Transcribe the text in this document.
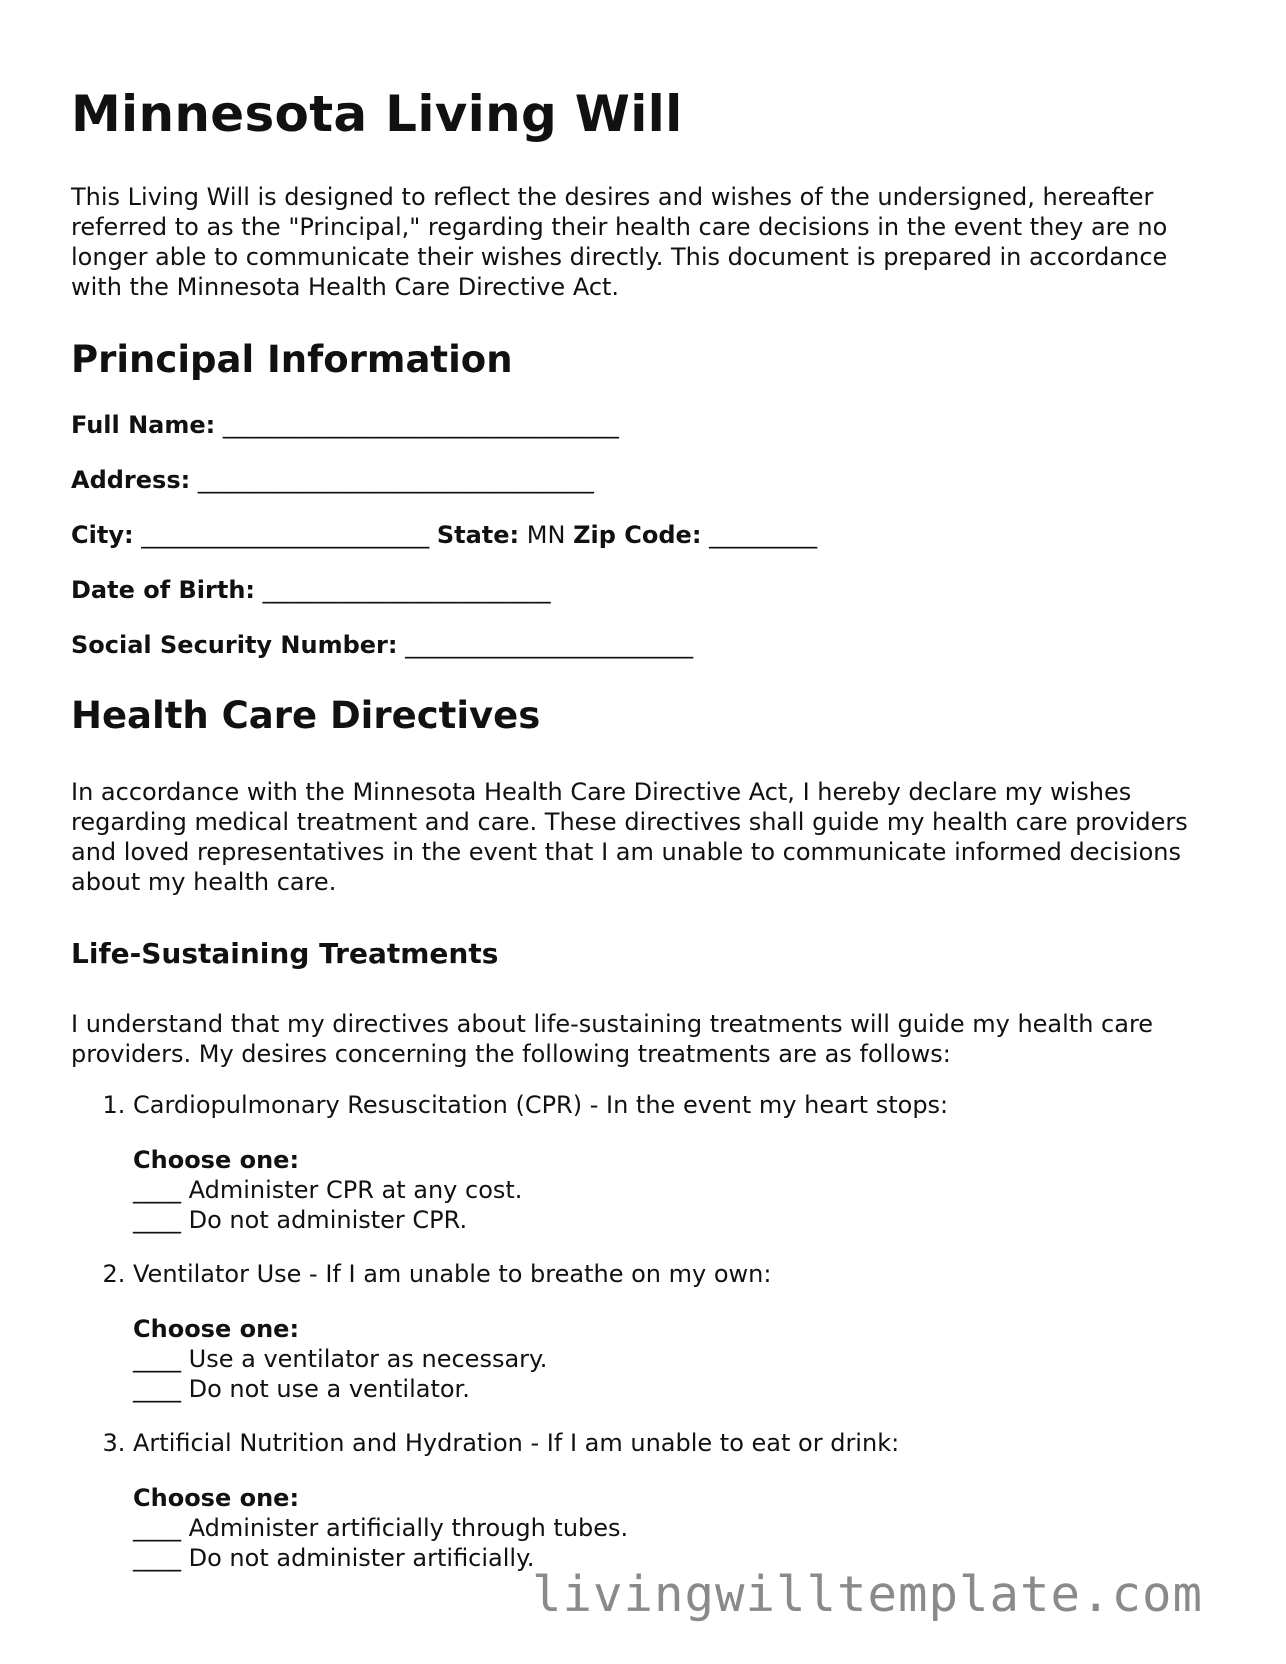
Minnesota Living Will

This Living Will is designed to reflect the desires and wishes of the undersigned, hereafter referred to as the "Principal," regarding their health care decisions in the event they are no longer able to communicate their wishes directly. This document is prepared in accordance with the Minnesota Health Care Directive Act.

Principal Information

Full Name: _________________________________

Address: _________________________________

City: ________________________ State: MN Zip Code: _________

Date of Birth: ________________________

Social Security Number: ________________________

Health Care Directives

In accordance with the Minnesota Health Care Directive Act, I hereby declare my wishes regarding medical treatment and care. These directives shall guide my health care providers and loved representatives in the event that I am unable to communicate informed decisions about my health care.

Life-Sustaining Treatments

I understand that my directives about life-sustaining treatments will guide my health care providers. My desires concerning the following treatments are as follows:

1. Cardiopulmonary Resuscitation (CPR) - In the event my heart stops:
Choose one:
____ Administer CPR at any cost.
____ Do not administer CPR.
2. Ventilator Use - If I am unable to breathe on my own:
Choose one:
____ Use a ventilator as necessary.
____ Do not use a ventilator.
3. Artificial Nutrition and Hydration - If I am unable to eat or drink:
Choose one:
____ Administer artificially through tubes.
____ Do not administer artificially.
livingwilltemplate.com
